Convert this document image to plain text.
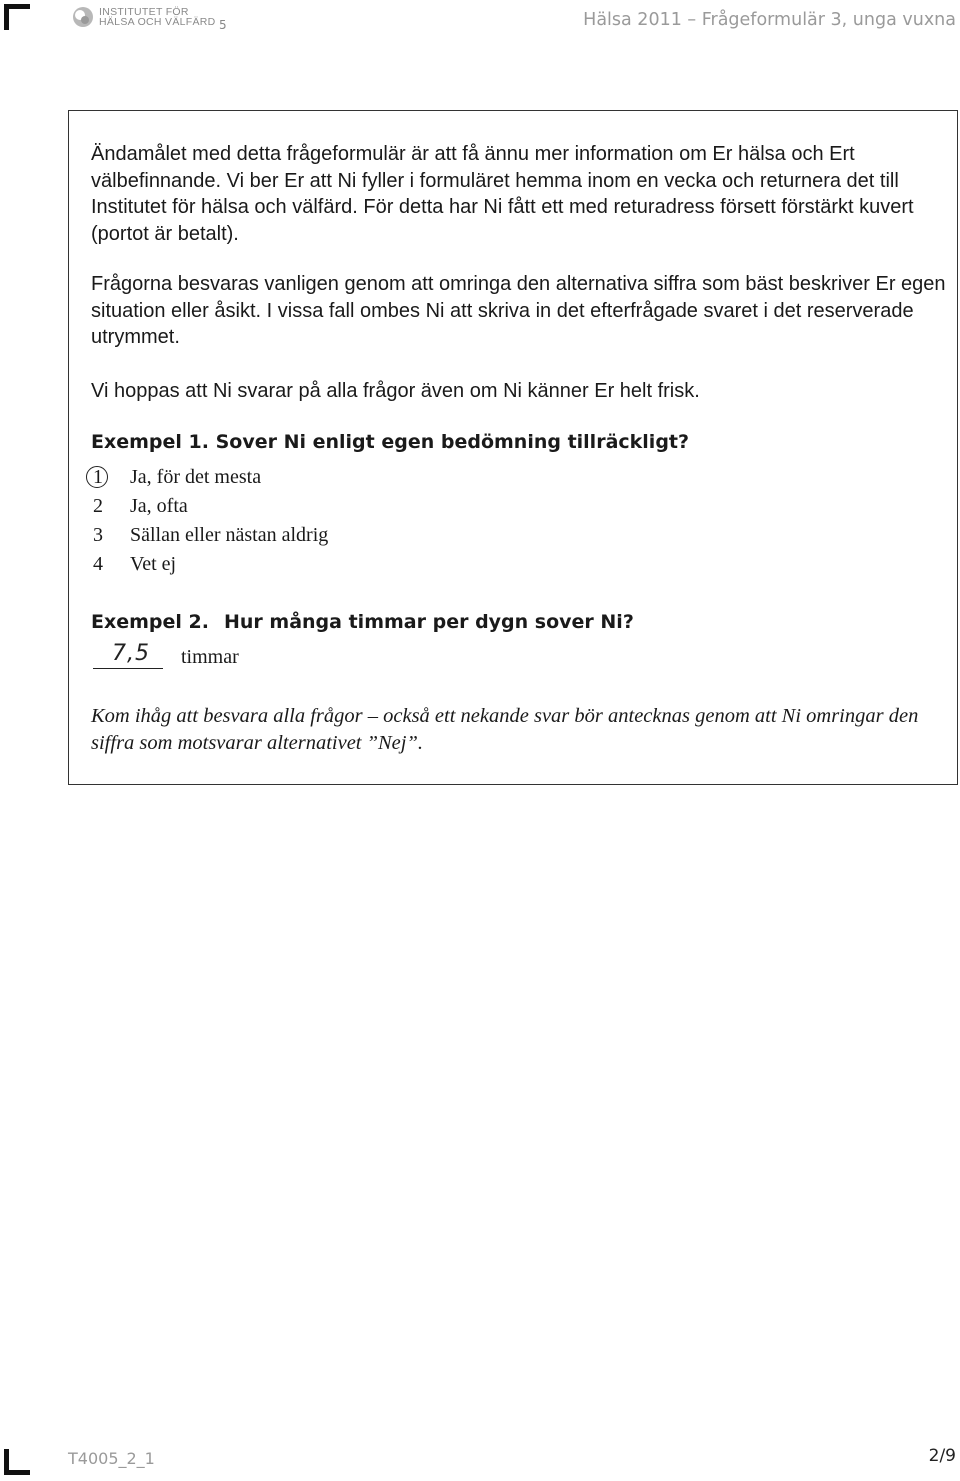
INSTITUTET FÖR
HÄLSA OCH VÄLFÄRD 5	Hälsa 2011 – Frågeformulär 3, unga vuxna
Ändamålet med detta frågeformulär är att få ännu mer information om Er hälsa och Ert välbefinnande. Vi ber Er att Ni fyller i formuläret hemma inom en vecka och returnera det till Institutet för hälsa och välfärd. För detta har Ni fått ett med returadress försett förstärkt kuvert (portot är betalt).
Frågorna besvaras vanligen genom att omringa den alternativa siffra som bäst beskriver Er egen situation eller åsikt. I vissa fall ombes Ni att skriva in det efterfrågade svaret i det reserverade utrymmet.
Vi hoppas att Ni svarar på alla frågor även om Ni känner Er helt frisk.
Exempel 1. Sover Ni enligt egen bedömning tillräckligt?
1 Ja, för det mesta
2 Ja, ofta
3 Sällan eller nästan aldrig
4 Vet ej
Exempel 2. Hur många timmar per dygn sover Ni?
7,5 timmar
Kom ihåg att besvara alla frågor – också ett nekande svar bör antecknas genom att Ni omringar den siffra som motsvarar alternativet ”Nej”.
T4005_2_1	2/9
